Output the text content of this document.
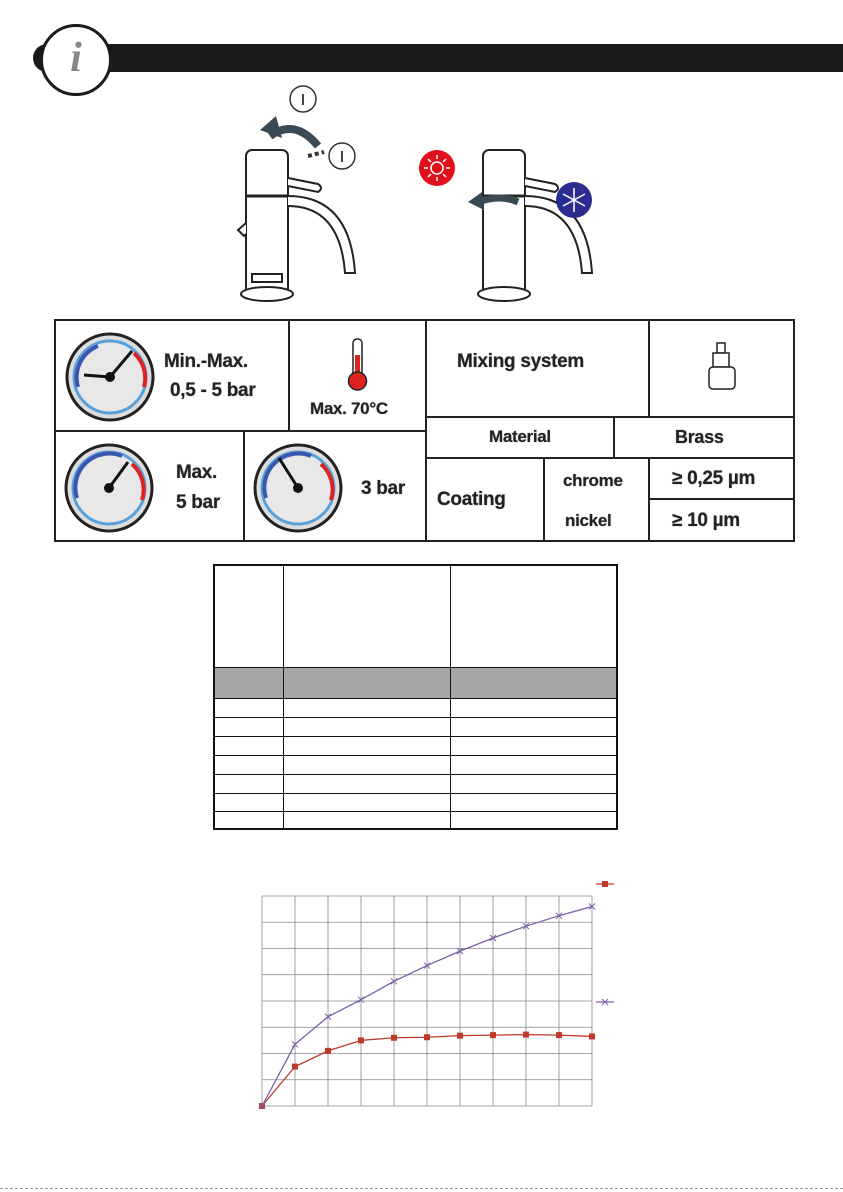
i
I
I
Min.-Max.
0,5 - 5 bar
Max. 70°C
Mixing system
Material	Brass
Max.
5 bar
3 bar
Coating
chrome
nickel
≥ 0,25 µm
≥ 10 µm
